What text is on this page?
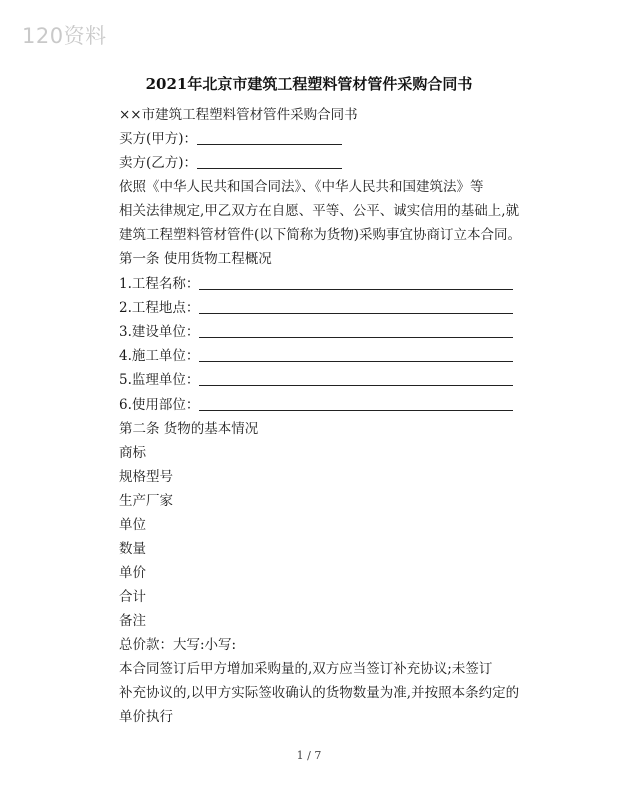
120资料
2021年北京市建筑工程塑料管材管件采购合同书
××市建筑工程塑料管材管件采购合同书
买方(甲方)：
卖方(乙方)：
依照《中华人民共和国合同法》、《中华人民共和国建筑法》等
相关法律规定,甲乙双方在自愿、平等、公平、诚实信用的基础上,就
建筑工程塑料管材管件(以下简称为货物)采购事宜协商订立本合同。
第一条 使用货物工程概况
1.工程名称：
2.工程地点：
3.建设单位：
4.施工单位：
5.监理单位：
6.使用部位：
第二条 货物的基本情况
商标
规格型号
生产厂家
单位
数量
单价
合计
备注
总价款：大写:小写:
本合同签订后甲方增加采购量的,双方应当签订补充协议;未签订
补充协议的,以甲方实际签收确认的货物数量为准,并按照本条约定的
单价执行
1 / 7
